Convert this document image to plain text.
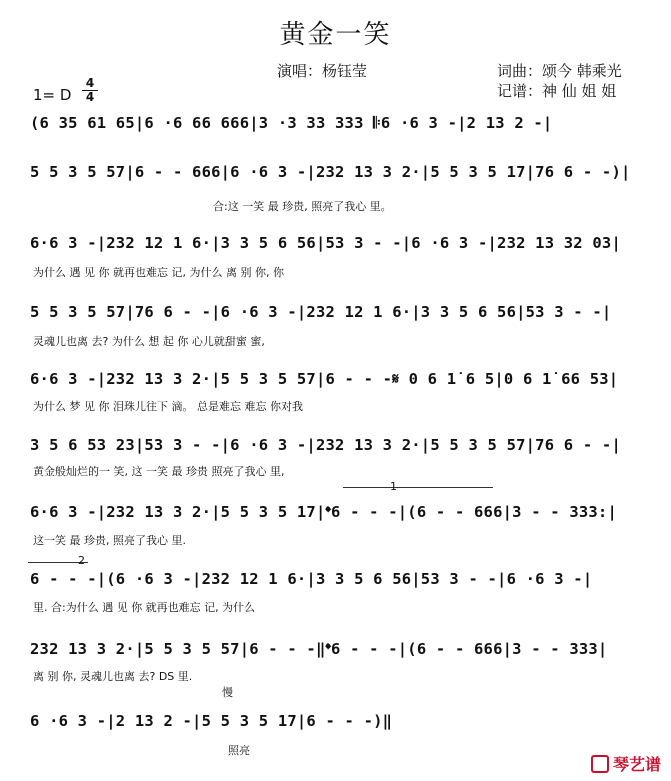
黄金一笑
演唱：杨钰莹	词曲：颂今 韩乘光
记谱：神 仙 姐 姐
1= D
4
4
(6 35 61 65|6 ·6 66 666|3 ·3 33 333 𝄆6 ·6 3 -|2 13 2 -|
5 5 3 5 57|6 - - 666|6 ·6 3 -|232 13 3 2·|5 5 3 5 17|76 6 - -)|
合:这 一笑 最 珍贵, 照亮了我心 里。
6·6 3 -|232 12 1 6·|3 3 5 6 56|53 3 - -|6 ·6 3 -|232 13 32 03|
为什么 遇 见 你 就再也难忘 记, 为什么 离 别 你, 你
5 5 3 5 57|76 6 - -|6 ·6 3 -|232 12 1 6·|3 3 5 6 56|53 3 - -|
灵魂儿也离 去? 为什么 想 起 你 心儿就甜蜜 蜜,
6·6 3 -|232 13 3 2·|5 5 3 5 57|6 - - -𝄋 0 6 1̇ 6 5|0 6 1̇ 66 53|
为什么 梦 见 你 泪珠儿往下 滴。 总是难忘 难忘 你对我
3 5 6 53 23|53 3 - -|6 ·6 3 -|232 13 3 2·|5 5 3 5 57|76 6 - -|
黄金般灿烂的一 笑, 这 一笑 最 珍贵 照亮了我心 里,
1
6·6 3 -|232 13 3 2·|5 5 3 5 17|𝄌6 - - -|(6 - - 666|3 - - 333:|
这一笑 最 珍贵, 照亮了我心 里.
2
6 - - -|(6 ·6 3 -|232 12 1 6·|3 3 5 6 56|53 3 - -|6 ·6 3 -|
里. 合:为什么 遇 见 你 就再也难忘 记, 为什么
232 13 3 2·|5 5 3 5 57|6 - - -‖𝄌6 - - -|(6 - - 666|3 - - 333|
离 别 你, 灵魂儿也离 去? DS 里.
慢
6 ·6 3 -|2 13 2 -|5 5 3 5 17|6 - - -)‖
照亮
琴艺谱
